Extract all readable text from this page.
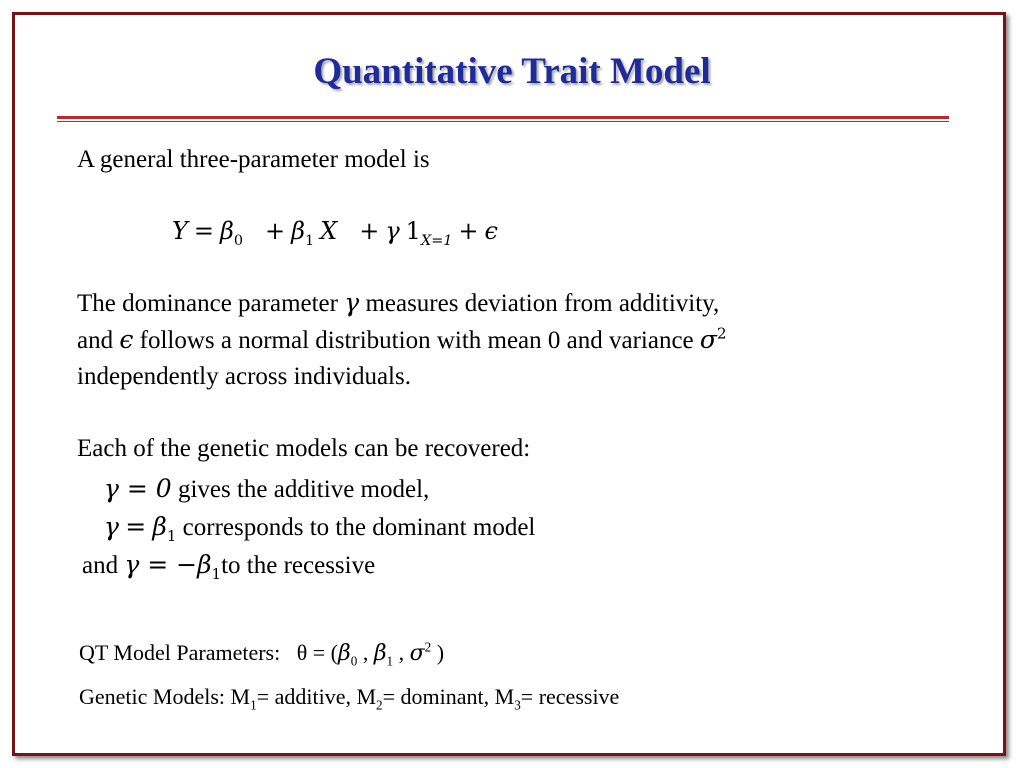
Quantitative Trait Model
A general three-parameter model is
$Y = \beta_0 + \beta_1$ X + γ $1_{X=1} + \epsilon$
The dominance parameter γ measures deviation from additivity,
and ϵ follows a normal distribution with mean 0 and variance $\sigma^2$
independently across individuals.
Each of the genetic models can be recovered:
γ = 0 gives the additive model,
$\gamma = \beta_1$ corresponds to the dominant model
and $\gamma = -\beta_1to$ the recessive
QT Model Parameters: $\theta = (\beta_0$ , $\beta_1$ , $\sigma^2$ )
Genetic Models: $M_1=$ additive, $M_2=$ dominant, $M_3=$ recessive
